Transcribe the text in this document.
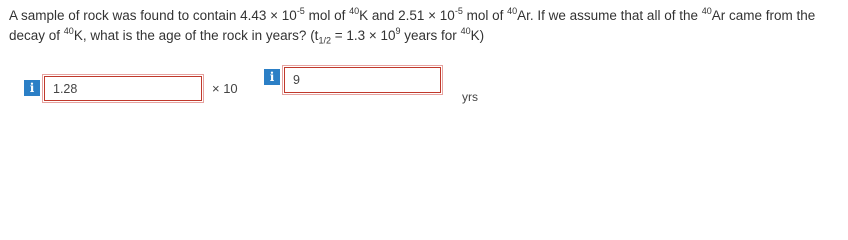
A sample of rock was found to contain $4.43 \times 10^{-5}$ mol of $^{40}$K and $2.51 \times 10^{-5}$ mol of $^{40}$Ar. If we assume that all of the $^{40}$Ar came from the decay of $^{40}$K, what is the age of the rock in years? ($t_{1/2} = 1.3 \times 10^9$ years for $^{40}$K)
i
1.28	× 10
i
9
yrs
